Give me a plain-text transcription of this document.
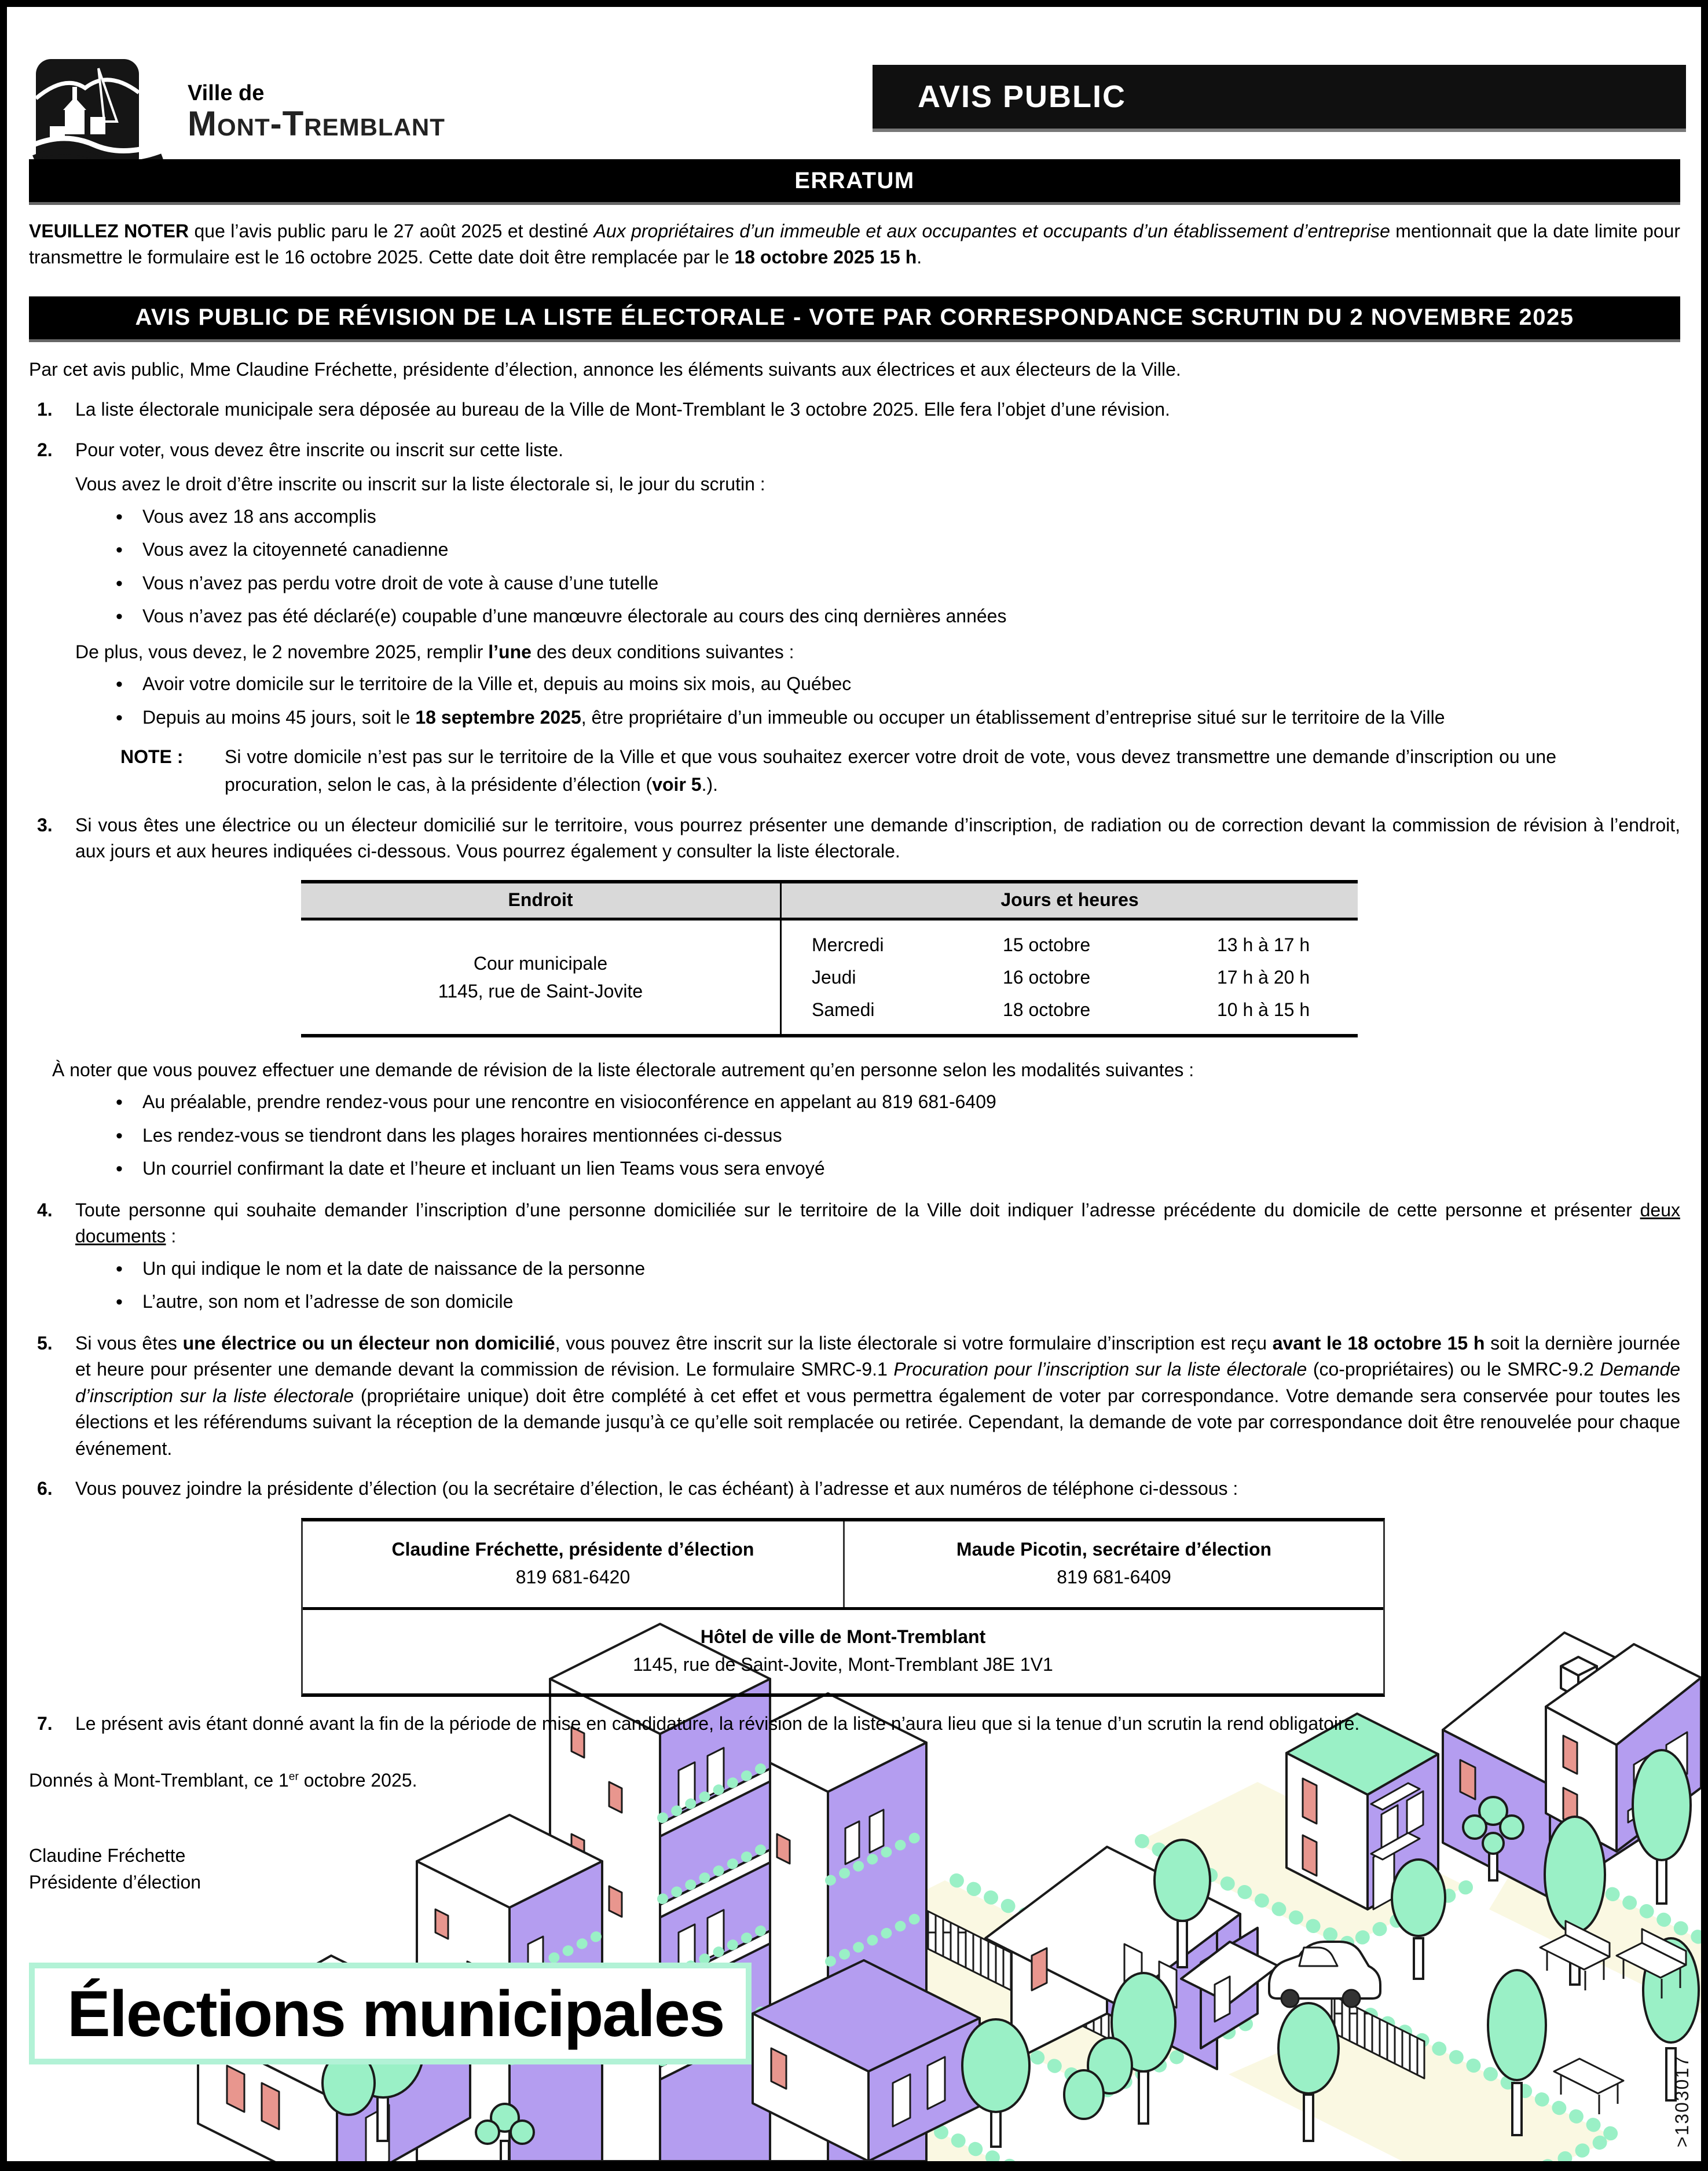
Ville de
Mont-Tremblant
AVIS PUBLIC
ERRATUM

VEUILLEZ NOTER que l’avis public paru le 27 août 2025 et destiné Aux propriétaires d’un immeuble et aux occupantes et occupants d’un établissement d’entreprise mentionnait que la date limite pour transmettre le formulaire est le 16 octobre 2025. Cette date doit être remplacée par le 18 octobre 2025 15 h.

AVIS PUBLIC DE RÉVISION DE LA LISTE ÉLECTORALE - VOTE PAR CORRESPONDANCE SCRUTIN DU 2 NOVEMBRE 2025

Par cet avis public, Mme Claudine Fréchette, présidente d’élection, annonce les éléments suivants aux électrices et aux électeurs de la Ville.

1.	La liste électorale municipale sera déposée au bureau de la Ville de Mont-Tremblant le 3 octobre 2025. Elle fera l’objet d’une révision.
2.	Pour voter, vous devez être inscrite ou inscrit sur cette liste.

Vous avez le droit d’être inscrite ou inscrit sur la liste électorale si, le jour du scrutin :

• Vous avez 18 ans accomplis
• Vous avez la citoyenneté canadienne
• Vous n’avez pas perdu votre droit de vote à cause d’une tutelle
• Vous n’avez pas été déclaré(e) coupable d’une manœuvre électorale au cours des cinq dernières années

De plus, vous devez, le 2 novembre 2025, remplir l’une des deux conditions suivantes :

• Avoir votre domicile sur le territoire de la Ville et, depuis au moins six mois, au Québec
• Depuis au moins 45 jours, soit le 18 septembre 2025, être propriétaire d’un immeuble ou occuper un établissement d’entreprise situé sur le territoire de la Ville
NOTE :	Si votre domicile n’est pas sur le territoire de la Ville et que vous souhaitez exercer votre droit de vote, vous devez transmettre une demande d’inscription ou une procuration, selon le cas, à la présidente d’élection (voir 5.).
3.	Si vous êtes une électrice ou un électeur domicilié sur le territoire, vous pourrez présenter une demande d’inscription, de radiation ou de correction devant la commission de révision à l’endroit, aux jours et aux heures indiquées ci-dessous. Vous pourrez également y consulter la liste électorale.
Endroit	Jours et heures
Cour municipale
1145, rue de Saint-Jovite
Mercredi	15 octobre	13 h à 17 h
Jeudi	16 octobre	17 h à 20 h
Samedi	18 octobre	10 h à 15 h

À noter que vous pouvez effectuer une demande de révision de la liste électorale autrement qu’en personne selon les modalités suivantes :

• Au préalable, prendre rendez-vous pour une rencontre en visioconférence en appelant au 819 681-6409
• Les rendez-vous se tiendront dans les plages horaires mentionnées ci-dessus
• Un courriel confirmant la date et l’heure et incluant un lien Teams vous sera envoyé
4.	Toute personne qui souhaite demander l’inscription d’une personne domiciliée sur le territoire de la Ville doit indiquer l’adresse précédente du domicile de cette personne et présenter deux documents :
• Un qui indique le nom et la date de naissance de la personne
• L’autre, son nom et l’adresse de son domicile
5.	Si vous êtes une électrice ou un électeur non domicilié, vous pouvez être inscrit sur la liste électorale si votre formulaire d’inscription est reçu avant le 18 octobre 15 h soit la dernière journée et heure pour présenter une demande devant la commission de révision. Le formulaire SMRC-9.1 Procuration pour l’inscription sur la liste électorale (co-propriétaires) ou le SMRC-9.2 Demande d’inscription sur la liste électorale (propriétaire unique) doit être complété à cet effet et vous permettra également de voter par correspondance. Votre demande sera conservée pour toutes les élections et les référendums suivant la réception de la demande jusqu’à ce qu’elle soit remplacée ou retirée. Cependant, la demande de vote par correspondance doit être renouvelée pour chaque événement.
6.	Vous pouvez joindre la présidente d’élection (ou la secrétaire d’élection, le cas échéant) à l’adresse et aux numéros de téléphone ci-dessous :
Claudine Fréchette, présidente d’élection
819 681-6420
Maude Picotin, secrétaire d’élection
819 681-6409
Hôtel de ville de Mont-Tremblant
1145, rue de Saint-Jovite, Mont-Tremblant J8E 1V1
7.	Le présent avis étant donné avant la fin de la période de mise en candidature, la révision de la liste n’aura lieu que si la tenue d’un scrutin la rend obligatoire.

Donnés à Mont-Tremblant, ce 1er octobre 2025.

Claudine Fréchette
Présidente d’élection
Élections municipales
>1303017
